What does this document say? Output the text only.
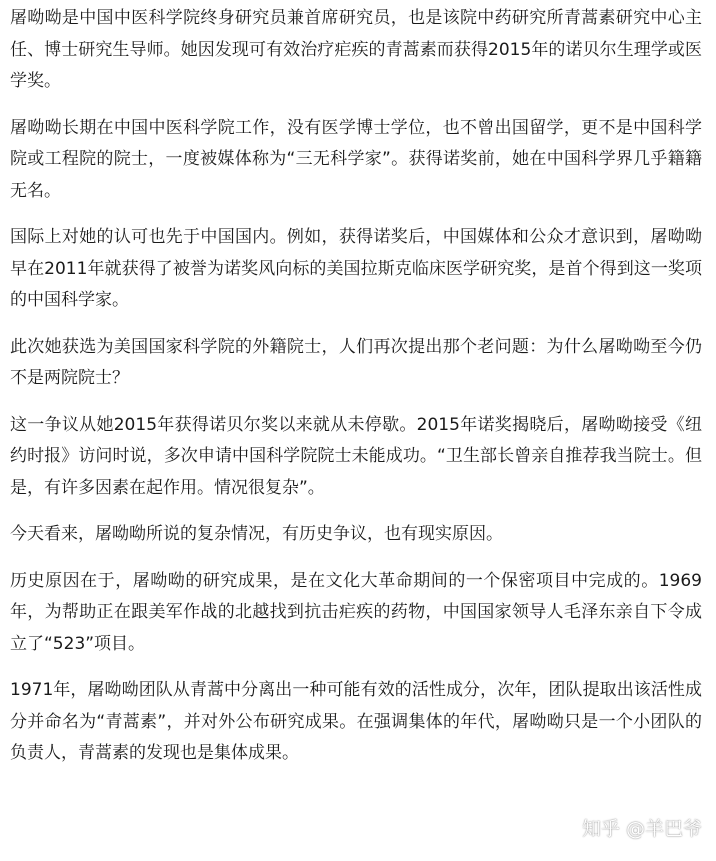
屠呦呦是中国中医科学院终身研究员兼首席研究员，也是该院中药研究所青蒿素研究中心主任、博士研究生导师。她因发现可有效治疗疟疾的青蒿素而获得2015年的诺贝尔生理学或医学奖。

屠呦呦长期在中国中医科学院工作，没有医学博士学位，也不曾出国留学，更不是中国科学院或工程院的院士，一度被媒体称为“三无科学家”。获得诺奖前，她在中国科学界几乎籍籍无名。

国际上对她的认可也先于中国国内。例如，获得诺奖后，中国媒体和公众才意识到，屠呦呦早在2011年就获得了被誉为诺奖风向标的美国拉斯克临床医学研究奖，是首个得到这一奖项的中国科学家。

此次她获选为美国国家科学院的外籍院士，人们再次提出那个老问题：为什么屠呦呦至今仍不是两院院士？

这一争议从她2015年获得诺贝尔奖以来就从未停歇。2015年诺奖揭晓后，屠呦呦接受《纽约时报》访问时说，多次申请中国科学院院士未能成功。“卫生部长曾亲自推荐我当院士。但是，有许多因素在起作用。情况很复杂”。

今天看来，屠呦呦所说的复杂情况，有历史争议，也有现实原因。

历史原因在于，屠呦呦的研究成果，是在文化大革命期间的一个保密项目中完成的。1969年，为帮助正在跟美军作战的北越找到抗击疟疾的药物，中国国家领导人毛泽东亲自下令成立了“523”项目。

1971年，屠呦呦团队从青蒿中分离出一种可能有效的活性成分，次年，团队提取出该活性成分并命名为“青蒿素”，并对外公布研究成果。在强调集体的年代，屠呦呦只是一个小团队的负责人，青蒿素的发现也是集体成果。

知乎 @羊巴爷
